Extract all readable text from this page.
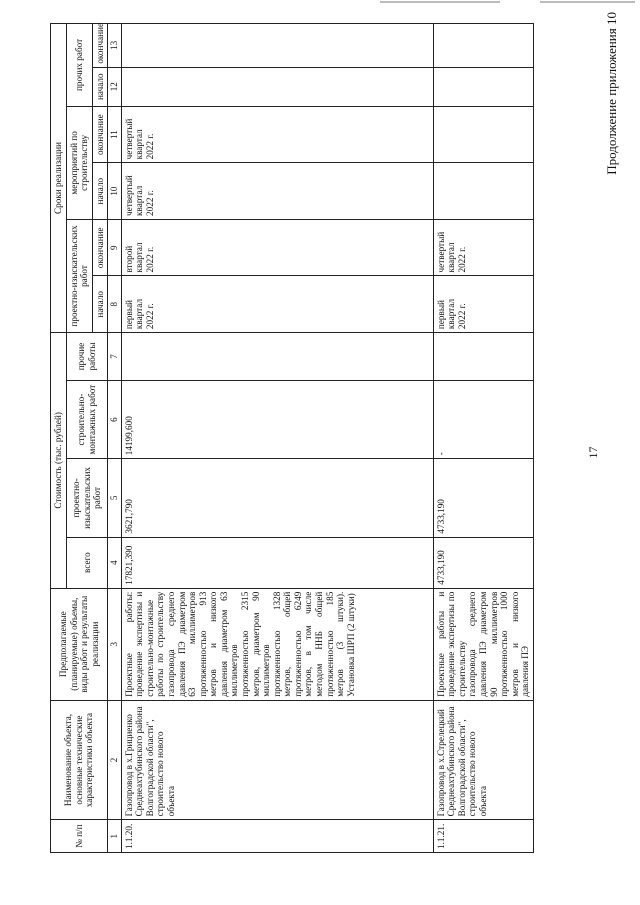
17
Продолжение приложения 10
№ п/п	Наименование объекта, основные технические характеристики объекта	Предполагаемые (планируемые) объемы, виды работ и результаты реализации	Стоимость (тыс. рублей)				Сроки реализации					
			всего	проектно-изыскательских работ	строительно-монтажных работ	прочие работы	проектно-изыскательских работ		мероприятий по строительству		прочих работ	
							начало	окончание	начало	окончание	начало	окончание
1	2	3	4	5	6	7	8	9	10	11	12	13
1.1.20.	Газопровод в х.Грициенко Среднеахтубинского района Волгоградской области", строительство нового объекта	Проектные работы: проведение экспертизы и строительно-монтажные работы по строительству газопровода среднего давления ПЭ диаметром 63 миллиметров протяженностью 913 метров и низкого давления диаметром 63 миллиметров протяженностью 2315 метров, диаметром 90 миллиметров протяженностью 1328 метров, общей протяженностью 6249 метров, в том числе методом ННБ общей протяженностью 185 метров (3 штуки). Установка ШРП (2 штуки)	17821,390	3621,790	14199,600		первый квартал 2022 г.	второй квартал 2022 г.	четвертый квартал 2022 г.	четвертый квартал 2022 г.		
1.1.21.	Газопровод в х.Стрелецкий Среднеахтубинского района Волгоградской области", строительство нового объекта	Проектные работы и проведение экспертизы по строительству газопровода среднего давления ПЭ диаметром 90 миллиметров протяженностью 1000 метров и низкого давления ПЭ	4733,190	4733,190	-		первый квартал 2022 г.	четвертый квартал 2022 г.				
